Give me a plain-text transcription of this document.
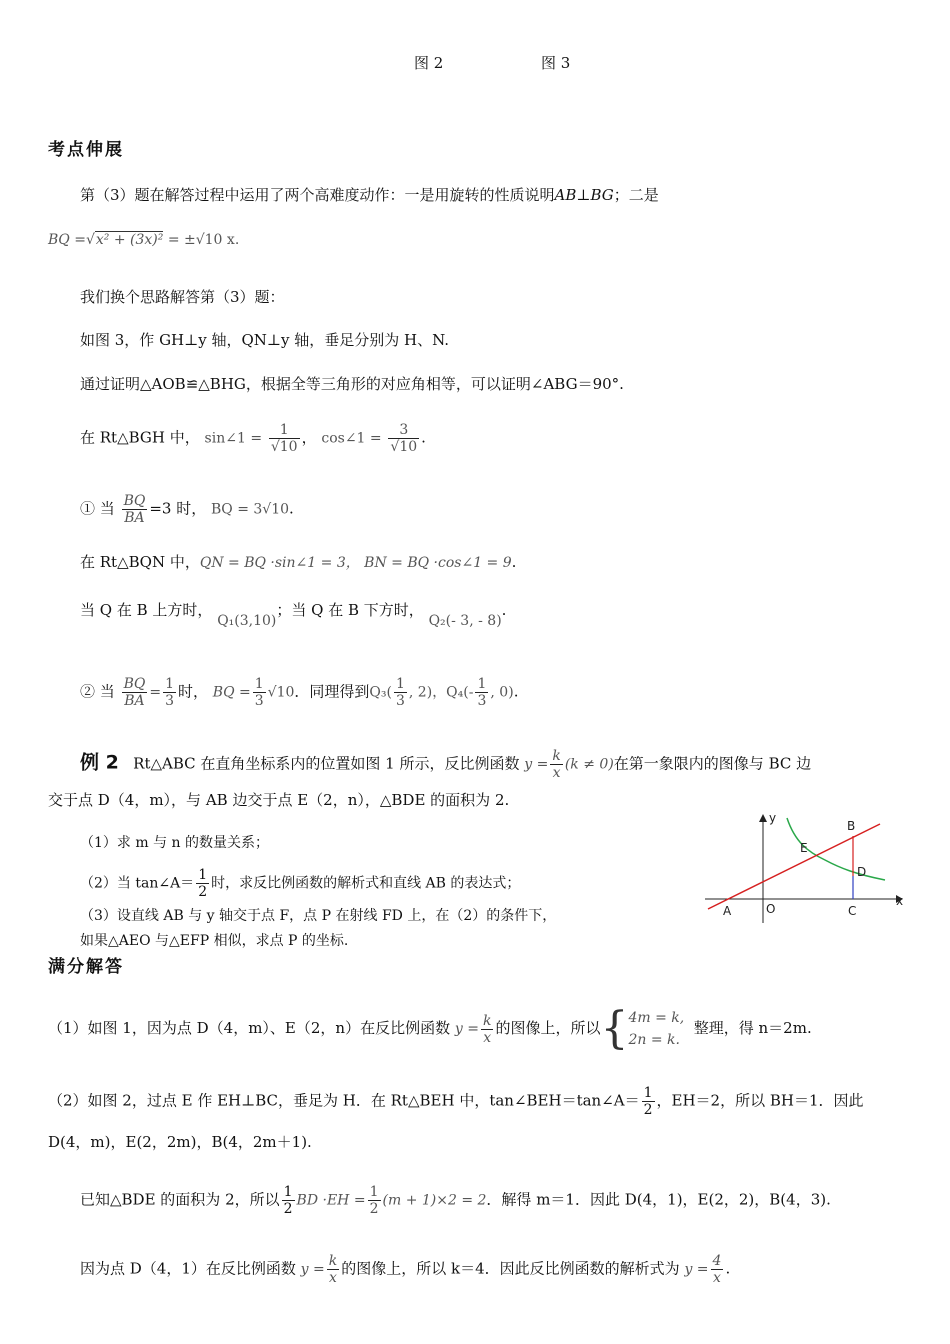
图 2	图 3
考点伸展
第（3）题在解答过程中运用了两个高难度动作：一是用旋转的性质说明AB⊥BG；二是
BQ =√x² + (3x)² = ±√10 x.
我们换个思路解答第（3）题：
如图 3，作 GH⊥y 轴，QN⊥y 轴，垂足分别为 H、N.
通过证明△AOB≌△BHG，根据全等三角形的对应角相等，可以证明∠ABG＝90°.
在 Rt△BGH 中， sin∠1 = $\frac{1}{√10}$ ， cos∠1 = $\frac{3}{√10}$ .
① 当 $\frac{BQ}{BA} =3$ 时， BQ = 3√10.
在 Rt△BQN 中，QN = BQ ·sin∠1 = 3， BN = BQ ·cos∠1 = 9.
当 Q 在 B 上方时， Q₁(3,10)；当 Q 在 B 下方时， Q₂(- 3, - 8).
② 当 $\frac{BQ}{BA} = \frac{1}{3}$ 时， BQ = $\frac{1}{3} √10$．同理得到$Q_3( \frac{1}{3}$ , 2)，$Q_4(- \frac{1}{3}$ , 0).
例 2 Rt△ABC 在直角坐标系内的位置如图 1 所示，反比例函数 $y = \frac{k}{x} (k \ne 0)$在第一象限内的图像与 BC 边
交于点 D（4，m），与 AB 边交于点 E（2，n），△BDE 的面积为 2.
（1）求 m 与 n 的数量关系；
（2）当 tan∠A＝ $\frac{1}{2}$ 时，求反比例函数的解析式和直线 AB 的表达式；
（3）设直线 AB 与 y 轴交于点 F，点 P 在射线 FD 上，在（2）的条件下，
如果△AEO 与△EFP 相似，求点 P 的坐标.
y
x
O
A
B
C
D
E
满分解答
（1）如图 1，因为点 D（4，m）、E（2，n）在反比例函数 $y = \frac{k}{x}$ 的图像上，所以{ 4m = k,
2n = k.
整理，得 n＝2m.
（2）如图 2，过点 E 作 EH⊥BC，垂足为 H．在 Rt△BEH 中，tan∠BEH＝tan∠A＝ $\frac{1}{2}$ ，EH＝2，所以 BH＝1．因此
D(4，m)，E(2，2m)，B(4，2m＋1).
已知△BDE 的面积为 2，所以 $\frac{1}{2}$ BD $\cdot EH = \frac{1}{2} (m + 1)\times 2 = 2$．解得 m＝1．因此 D(4，1)，E(2，2)，B(4，3).
因为点 D（4，1）在反比例函数 $y = \frac{k}{x}$ 的图像上，所以 k＝4．因此反比例函数的解析式为 $y = \frac{4}{x}$ .
